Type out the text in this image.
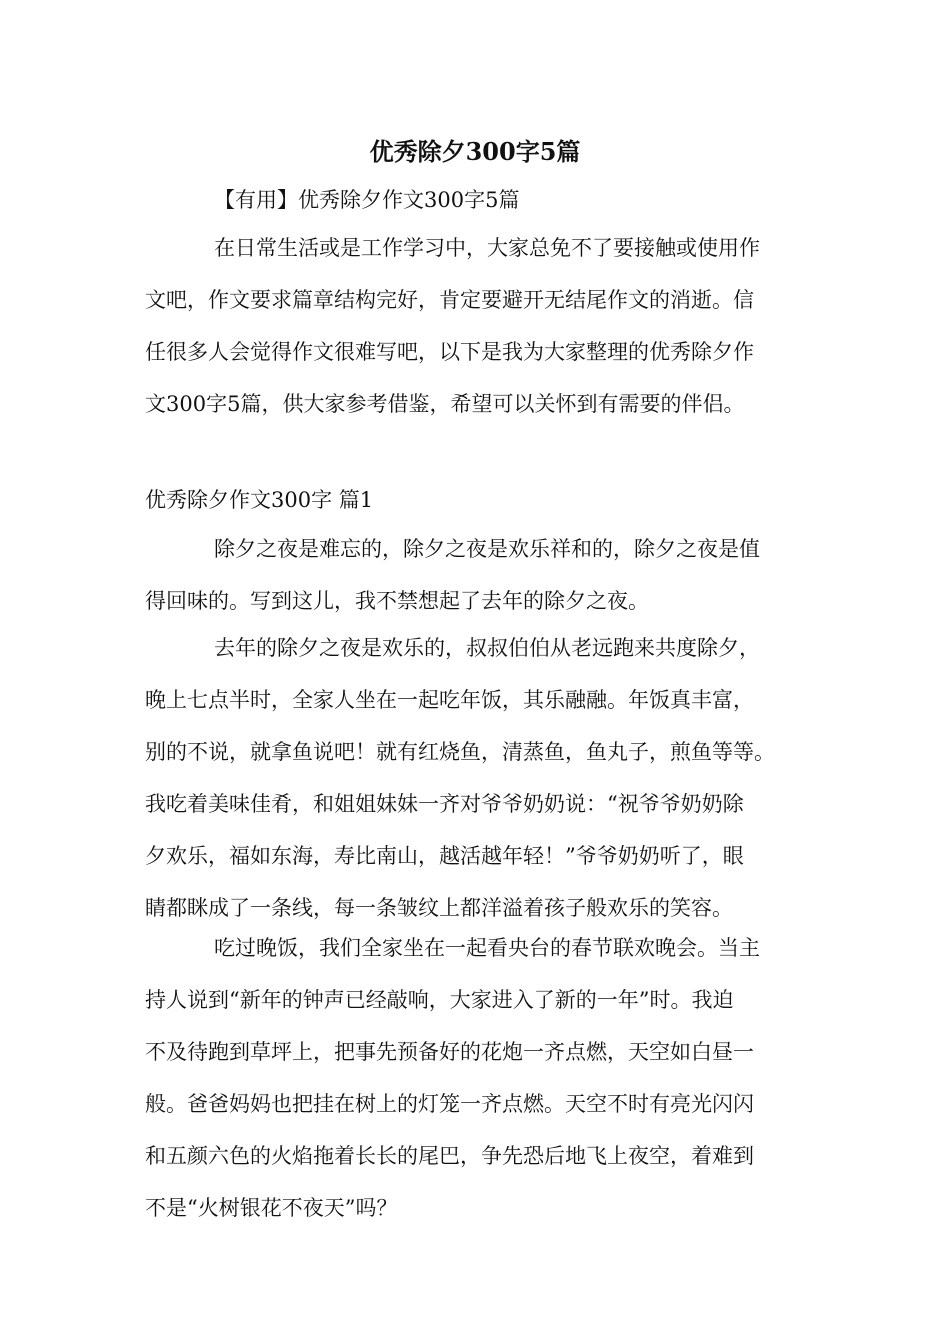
优秀除夕300字5篇

【有用】优秀除夕作文300字5篇

在日常生活或是工作学习中，大家总免不了要接触或使用作
文吧，作文要求篇章结构完好，肯定要避开无结尾作文的消逝。信
任很多人会觉得作文很难写吧，以下是我为大家整理的优秀除夕作
文300字5篇，供大家参考借鉴，希望可以关怀到有需要的伴侣。

优秀除夕作文300字 篇1

除夕之夜是难忘的，除夕之夜是欢乐祥和的，除夕之夜是值
得回味的。写到这儿，我不禁想起了去年的除夕之夜。

去年的除夕之夜是欢乐的，叔叔伯伯从老远跑来共度除夕，
晚上七点半时，全家人坐在一起吃年饭，其乐融融。年饭真丰富，
别的不说，就拿鱼说吧！就有红烧鱼，清蒸鱼，鱼丸子，煎鱼等等。
我吃着美味佳肴，和姐姐妹妹一齐对爷爷奶奶说：“祝爷爷奶奶除
夕欢乐，福如东海，寿比南山，越活越年轻！”爷爷奶奶听了，眼
睛都眯成了一条线，每一条皱纹上都洋溢着孩子般欢乐的笑容。

吃过晚饭，我们全家坐在一起看央台的春节联欢晚会。当主
持人说到“新年的钟声已经敲响，大家进入了新的一年”时。我迫
不及待跑到草坪上，把事先预备好的花炮一齐点燃，天空如白昼一
般。爸爸妈妈也把挂在树上的灯笼一齐点燃。天空不时有亮光闪闪
和五颜六色的火焰拖着长长的尾巴，争先恐后地飞上夜空，着难到
不是“火树银花不夜天”吗？
